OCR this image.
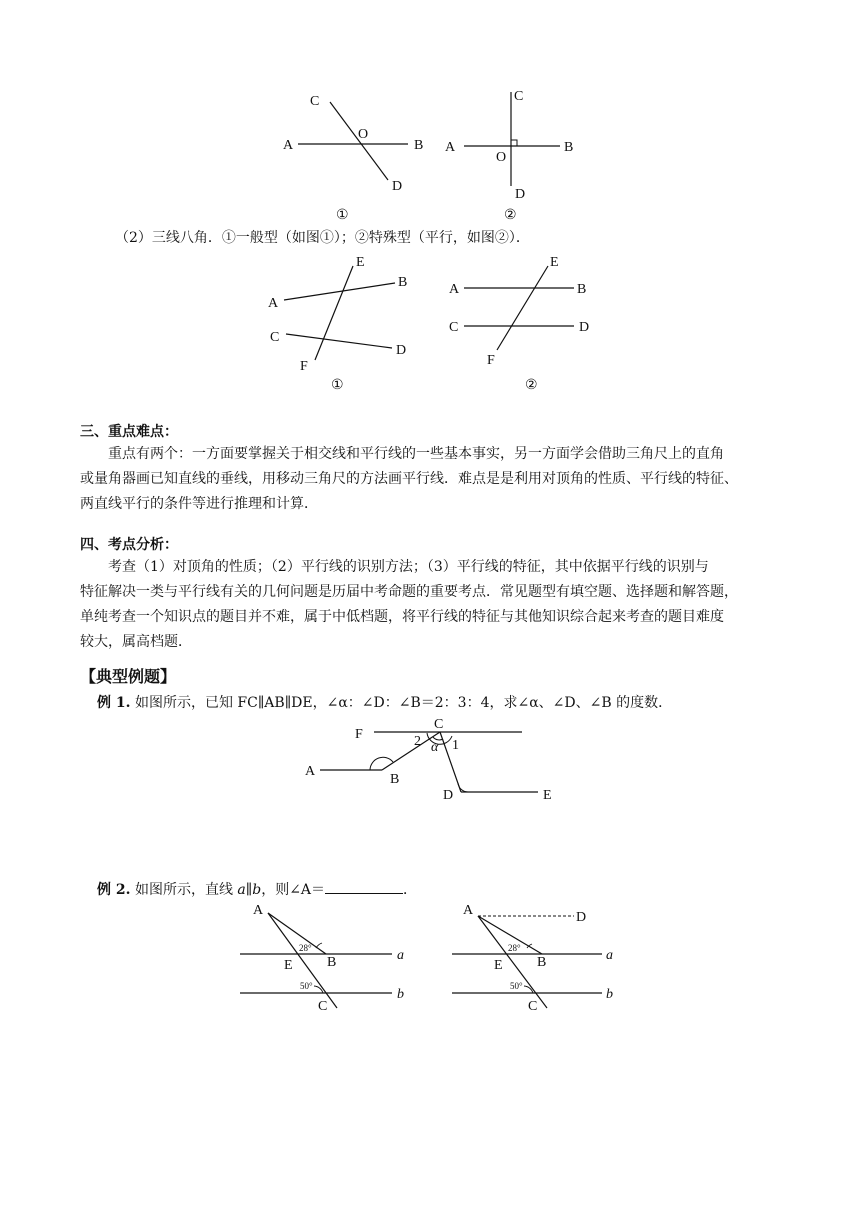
C
O
A	B
D
①
C
A
O
B
D
②
（2）三线八角．①一般型（如图①）；②特殊型（平行，如图②）．
E
B
A
C
D
F
①
E
A	B
C	D
F
②
三、重点难点：

重点有两个：一方面要掌握关于相交线和平行线的一些基本事实，另一方面学会借助三角尺上的直角

或量角器画已知直线的垂线，用移动三角尺的方法画平行线．难点是是利用对顶角的性质、平行线的特征、

两直线平行的条件等进行推理和计算．

四、考点分析：

考查（1）对顶角的性质；（2）平行线的识别方法；（3）平行线的特征，其中依据平行线的识别与

特征解决一类与平行线有关的几何问题是历届中考命题的重要考点．常见题型有填空题、选择题和解答题，

单纯考查一个知识点的题目并不难，属于中低档题，将平行线的特征与其他知识综合起来考查的题目难度

较大，属高档题．

【典型例题】
例 1. 如图所示，已知 FC∥AB∥DE，∠α：∠D：∠B＝2：3：4，求∠α、∠D、∠B 的度数．
F
C
2 α 1
A
B
D	E
例 2. 如图所示，直线 a∥b，则∠A＝	．
A
28°
E B	a
50°
C
b
A	D
28°
E B	a
50°
C
b
